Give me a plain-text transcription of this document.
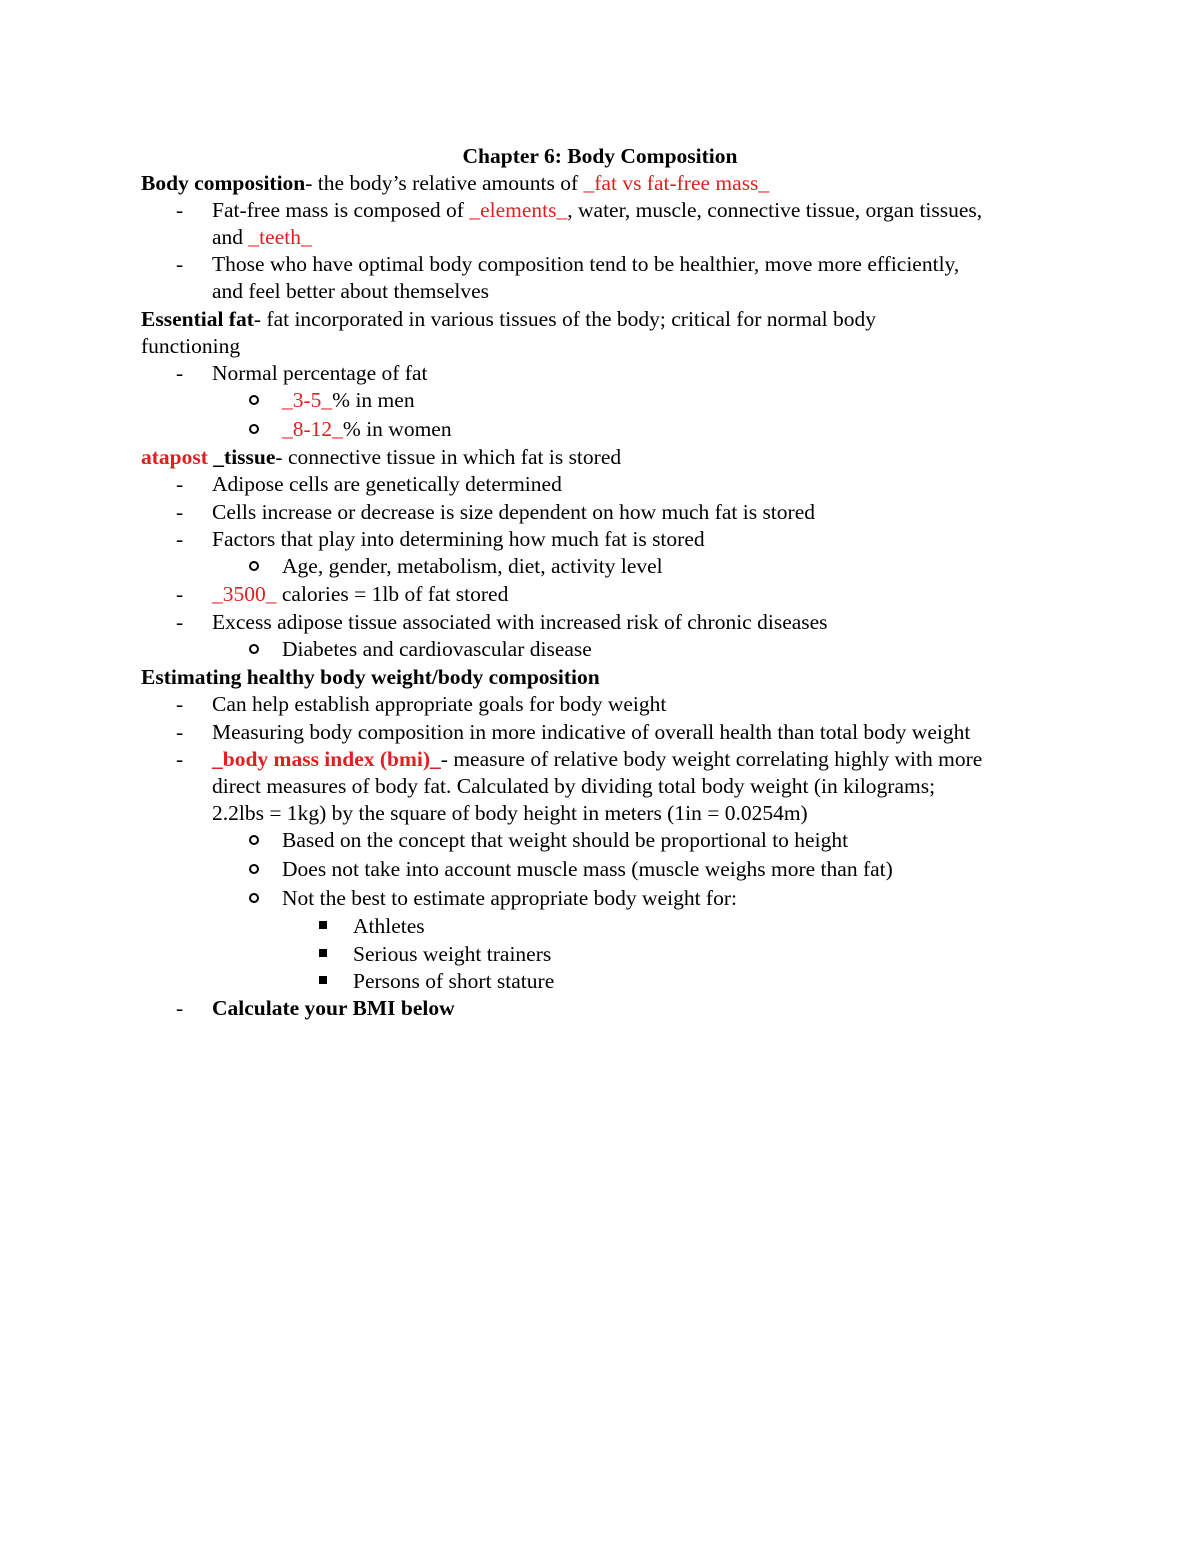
Chapter 6: Body Composition
Body composition- the body’s relative amounts of _fat vs fat-free mass_
- Fat-free mass is composed of _elements_, water, muscle, connective tissue, organ tissues,
and _teeth_
- Those who have optimal body composition tend to be healthier, move more efficiently,
and feel better about themselves
Essential fat- fat incorporated in various tissues of the body; critical for normal body
functioning
- Normal percentage of fat
_3-5_% in men
_8-12_% in women
atapost _tissue- connective tissue in which fat is stored
- Adipose cells are genetically determined
- Cells increase or decrease is size dependent on how much fat is stored
- Factors that play into determining how much fat is stored
Age, gender, metabolism, diet, activity level
- _3500_ calories = 1lb of fat stored
- Excess adipose tissue associated with increased risk of chronic diseases
Diabetes and cardiovascular disease
Estimating healthy body weight/body composition
- Can help establish appropriate goals for body weight
- Measuring body composition in more indicative of overall health than total body weight
- _body mass index (bmi)_- measure of relative body weight correlating highly with more
direct measures of body fat. Calculated by dividing total body weight (in kilograms;
2.2lbs = 1kg) by the square of body height in meters (1in = 0.0254m)
Based on the concept that weight should be proportional to height
Does not take into account muscle mass (muscle weighs more than fat)
Not the best to estimate appropriate body weight for:
Athletes
Serious weight trainers
Persons of short stature
- Calculate your BMI below
